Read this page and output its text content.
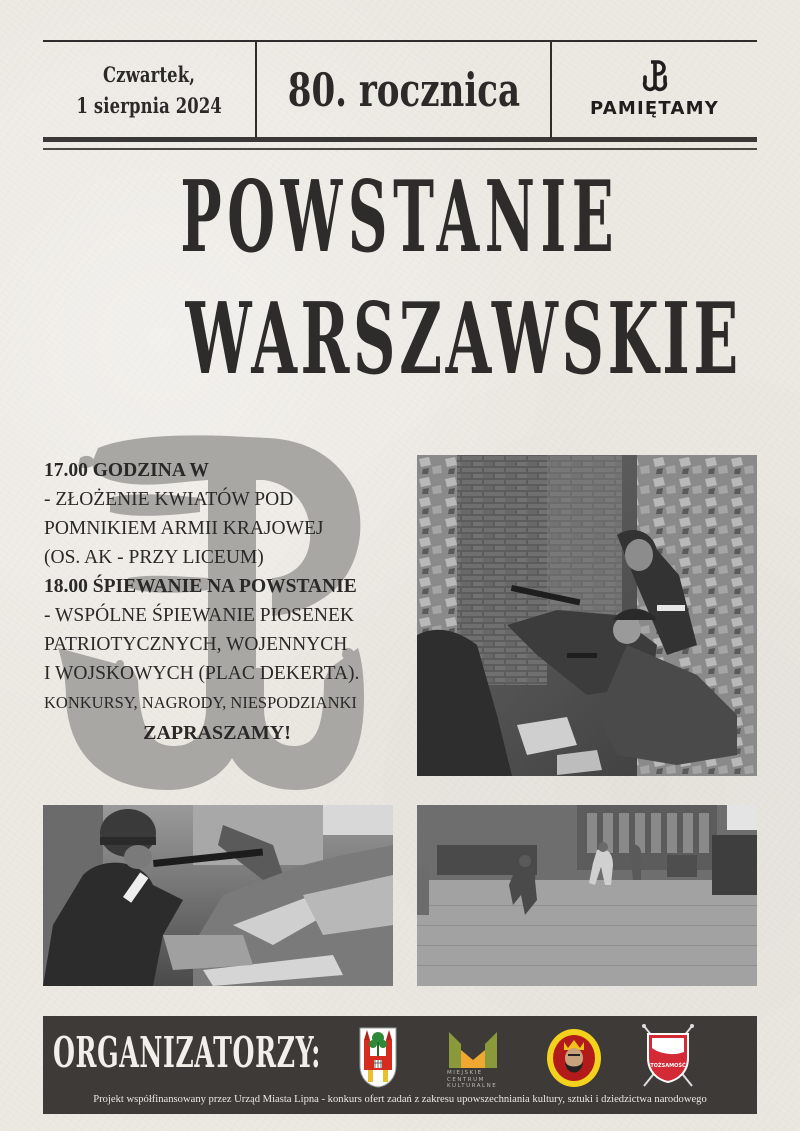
Czwartek,
1 sierpnia 2024 80. rocznica	PAMIĘTAMY
POWSTANIE
WARSZAWSKIE
17.00 GODZINA W
- ZŁOŻENIE KWIATÓW POD
POMNIKIEM ARMII KRAJOWEJ
(OS. AK - PRZY LICEUM)
18.00 ŚPIEWANIE NA POWSTANIE
- WSPÓLNE ŚPIEWANIE PIOSENEK
PATRIOTYCZNYCH, WOJENNYCH
I WOJSKOWYCH (PLAC DEKERTA).
KONKURSY, NAGRODY, NIESPODZIANKI
ZAPRASZAMY!
ORGANIZATORZY:	MIEJSKIE
CENTRUM
KULTURALNE
TOŻSAMOŚĆ
Projekt współfinansowany przez Urząd Miasta Lipna - konkurs ofert zadań z zakresu upowszechniania kultury, sztuki i dziedzictwa narodowego
